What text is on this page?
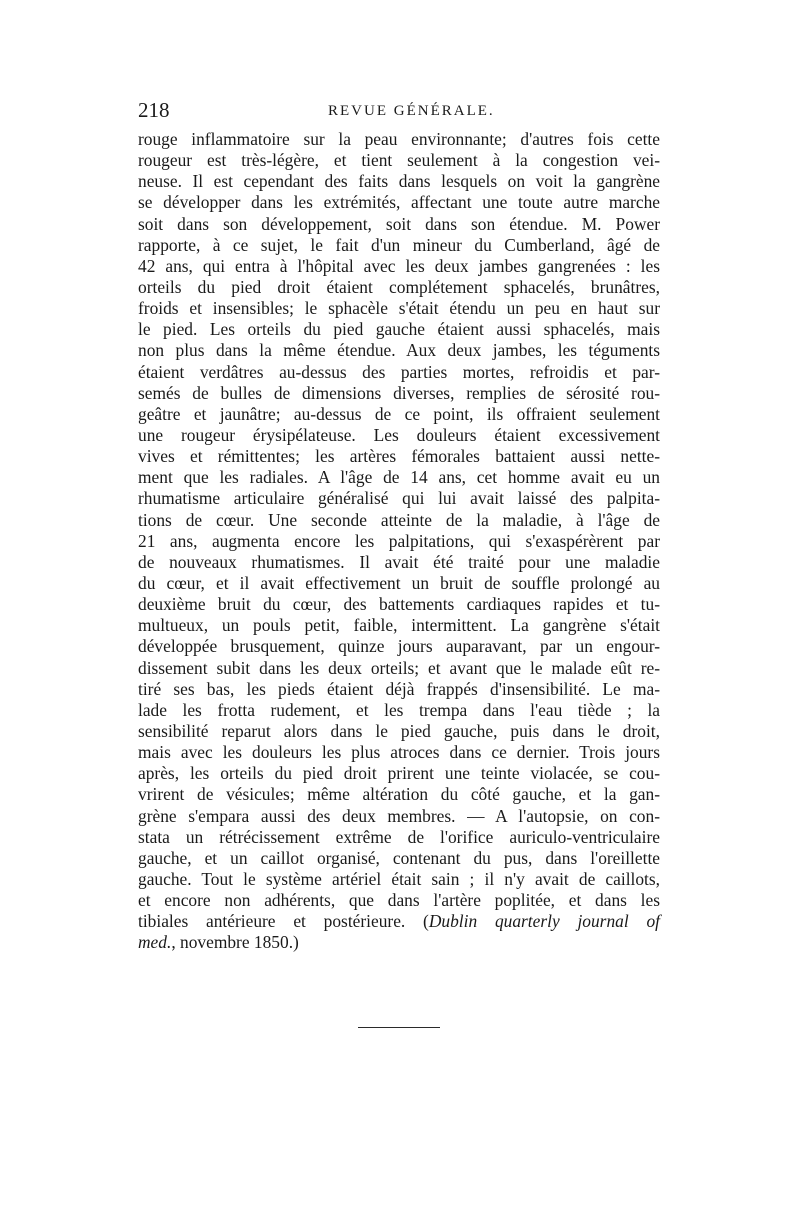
218	REVUE GÉNÉRALE.
rouge inflammatoire sur la peau environnante; d'autres fois cette
rougeur est très-légère, et tient seulement à la congestion vei-
neuse. Il est cependant des faits dans lesquels on voit la gangrène
se développer dans les extrémités, affectant une toute autre marche
soit dans son développement, soit dans son étendue. M. Power
rapporte, à ce sujet, le fait d'un mineur du Cumberland, âgé de
42 ans, qui entra à l'hôpital avec les deux jambes gangrenées : les
orteils du pied droit étaient complétement sphacelés, brunâtres,
froids et insensibles; le sphacèle s'était étendu un peu en haut sur
le pied. Les orteils du pied gauche étaient aussi sphacelés, mais
non plus dans la même étendue. Aux deux jambes, les téguments
étaient verdâtres au-dessus des parties mortes, refroidis et par-
semés de bulles de dimensions diverses, remplies de sérosité rou-
geâtre et jaunâtre; au-dessus de ce point, ils offraient seulement
une rougeur érysipélateuse. Les douleurs étaient excessivement
vives et rémittentes; les artères fémorales battaient aussi nette-
ment que les radiales. A l'âge de 14 ans, cet homme avait eu un
rhumatisme articulaire généralisé qui lui avait laissé des palpita-
tions de cœur. Une seconde atteinte de la maladie, à l'âge de
21 ans, augmenta encore les palpitations, qui s'exaspérèrent par
de nouveaux rhumatismes. Il avait été traité pour une maladie
du cœur, et il avait effectivement un bruit de souffle prolongé au
deuxième bruit du cœur, des battements cardiaques rapides et tu-
multueux, un pouls petit, faible, intermittent. La gangrène s'était
développée brusquement, quinze jours auparavant, par un engour-
dissement subit dans les deux orteils; et avant que le malade eût re-
tiré ses bas, les pieds étaient déjà frappés d'insensibilité. Le ma-
lade les frotta rudement, et les trempa dans l'eau tiède ; la
sensibilité reparut alors dans le pied gauche, puis dans le droit,
mais avec les douleurs les plus atroces dans ce dernier. Trois jours
après, les orteils du pied droit prirent une teinte violacée, se cou-
vrirent de vésicules; même altération du côté gauche, et la gan-
grène s'empara aussi des deux membres. — A l'autopsie, on con-
stata un rétrécissement extrême de l'orifice auriculo-ventriculaire
gauche, et un caillot organisé, contenant du pus, dans l'oreillette
gauche. Tout le système artériel était sain ; il n'y avait de caillots,
et encore non adhérents, que dans l'artère poplitée, et dans les
tibiales antérieure et postérieure. (Dublin quarterly journal of
med., novembre 1850.)
